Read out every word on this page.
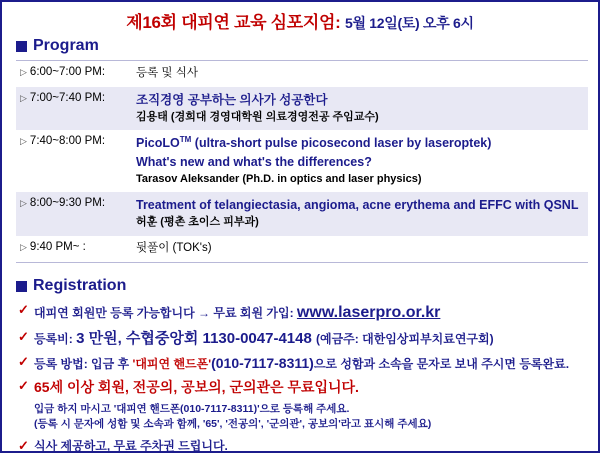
제16회 대피연 교육 심포지엄: 5월 12일(토) 오후 6시
Program
▷ 6:00~7:00 PM:	등록 및 식사
▷ 7:00~7:40 PM:	조직경영 공부하는 의사가 성공한다
김용태 (경희대 경영대학원 의료경영전공 주임교수)
▷ 7:40~8:00 PM:	PicoLO™ (ultra-short pulse picosecond laser by laseroptek)
What's new and what's the differences?
Tarasov Aleksander (Ph.D. in optics and laser physics)
▷ 8:00~9:30 PM:	Treatment of telangiectasia, angioma, acne erythema and EFFC with QSNL
허훈 (평촌 초이스 피부과)
▷ 9:40 PM~ :	뒷풀이 (TOK's)
Registration
✓ 대피연 회원만 등록 가능합니다 → 무료 회원 가입: www.laserpro.or.kr
✓ 등록비: 3 만원, 수협중앙회 1130-0047-4148 (예금주: 대한임상피부치료연구회)
✓ 등록 방법: 입금 후 '대피연 핸드폰'(010-7117-8311)으로 성함과 소속을 문자로 보내 주시면 등록완료.
✓ 65세 이상 회원, 전공의, 공보의, 군의관은 무료입니다.
입금 하지 마시고 '대피연 핸드폰(010-7117-8311)'으로 등록해 주세요.
(등록 시 문자에 성함 및 소속과 함께, '65', '전공의', '군의관', 공보의'라고 표시해 주세요)
✓ 식사 제공하고, 무료 주차권 드립니다.
